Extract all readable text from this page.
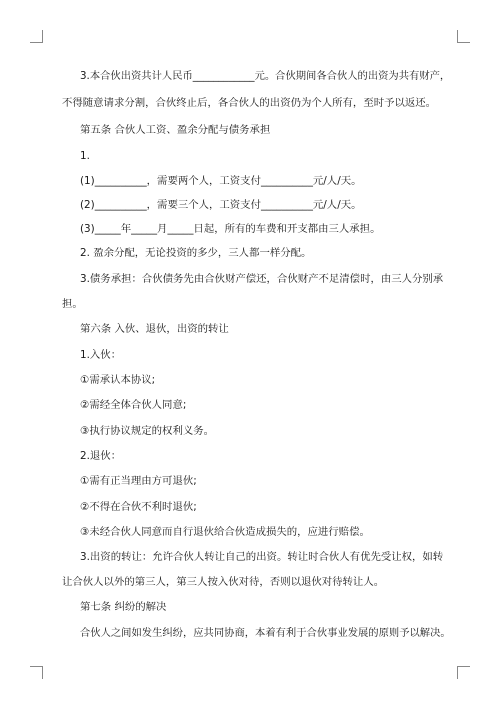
3.本合伙出资共计人民币____________元。合伙期间各合伙人的出资为共有财产，
不得随意请求分割，合伙终止后，各合伙人的出资仍为个人所有，至时予以返还。
第五条 合伙人工资、盈余分配与债务承担
1.
(1)__________，需要两个人，工资支付__________元/人/天。
(2)__________，需要三个人，工资支付__________元/人/天。
(3)_____年_____月_____日起，所有的车费和开支都由三人承担。
2. 盈余分配，无论投资的多少，三人都一样分配。
3.债务承担：合伙债务先由合伙财产偿还，合伙财产不足清偿时，由三人分别承
担。
第六条 入伙、退伙，出资的转让
1.入伙：
①需承认本协议;
②需经全体合伙人同意;
③执行协议规定的权利义务。
2.退伙：
①需有正当理由方可退伙;
②不得在合伙不利时退伙;
③未经合伙人同意而自行退伙给合伙造成损失的，应进行赔偿。
3.出资的转让：允许合伙人转让自己的出资。转让时合伙人有优先受让权，如转
让合伙人以外的第三人，第三人按入伙对待，否则以退伙对待转让人。
第七条 纠纷的解决
合伙人之间如发生纠纷，应共同协商，本着有利于合伙事业发展的原则予以解决。
